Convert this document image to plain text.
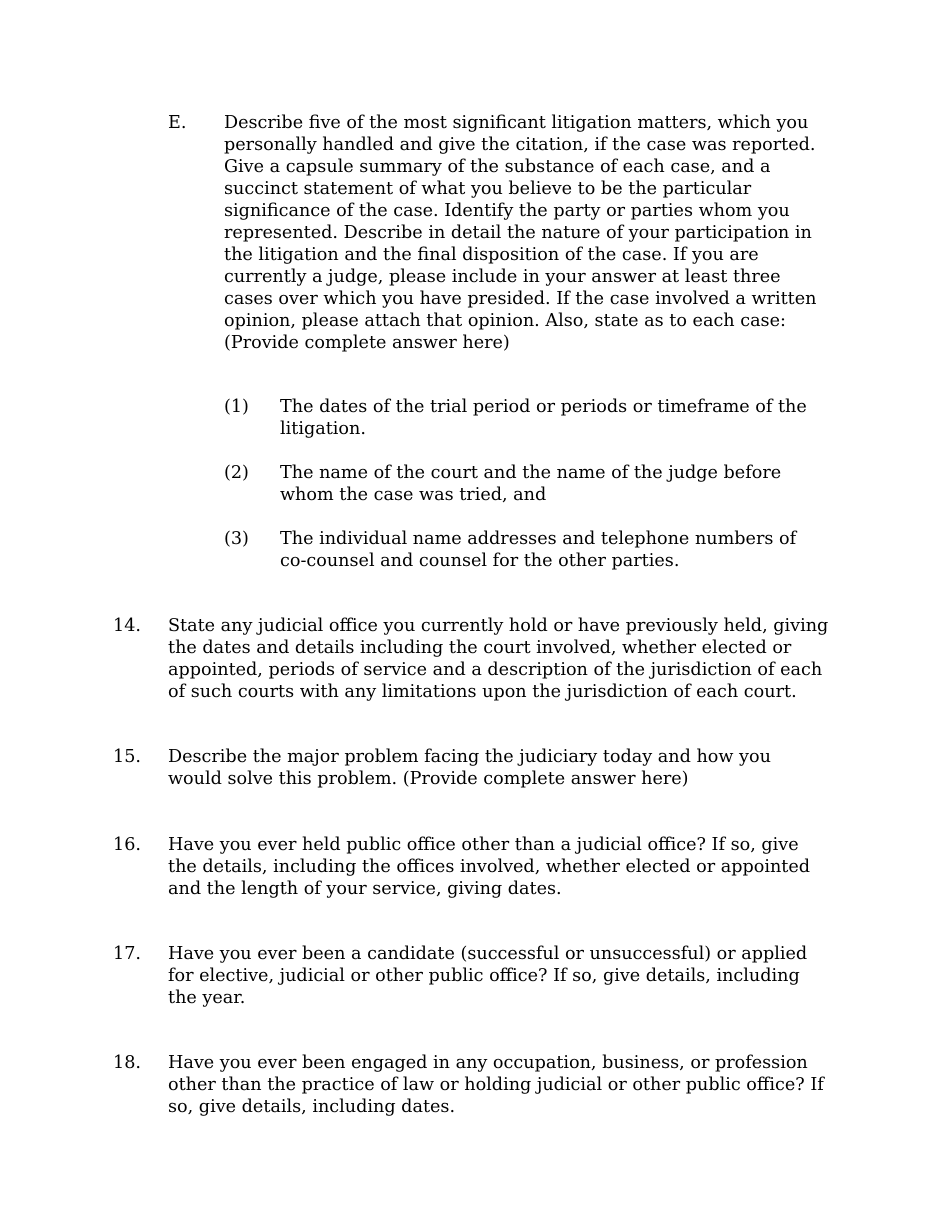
E. Describe five of the most significant litigation matters, which you
personally handled and give the citation, if the case was reported.
Give a capsule summary of the substance of each case, and a
succinct statement of what you believe to be the particular
significance of the case. Identify the party or parties whom you
represented. Describe in detail the nature of your participation in
the litigation and the final disposition of the case. If you are
currently a judge, please include in your answer at least three
cases over which you have presided. If the case involved a written
opinion, please attach that opinion. Also, state as to each case:
(Provide complete answer here)
(1) The dates of the trial period or periods or timeframe of the
litigation.
(2) The name of the court and the name of the judge before
whom the case was tried, and
(3) The individual name addresses and telephone numbers of
co-counsel and counsel for the other parties.
14. State any judicial office you currently hold or have previously held, giving
the dates and details including the court involved, whether elected or
appointed, periods of service and a description of the jurisdiction of each
of such courts with any limitations upon the jurisdiction of each court.
15. Describe the major problem facing the judiciary today and how you
would solve this problem. (Provide complete answer here)
16. Have you ever held public office other than a judicial office? If so, give
the details, including the offices involved, whether elected or appointed
and the length of your service, giving dates.
17. Have you ever been a candidate (successful or unsuccessful) or applied
for elective, judicial or other public office? If so, give details, including
the year.
18. Have you ever been engaged in any occupation, business, or profession
other than the practice of law or holding judicial or other public office? If
so, give details, including dates.
